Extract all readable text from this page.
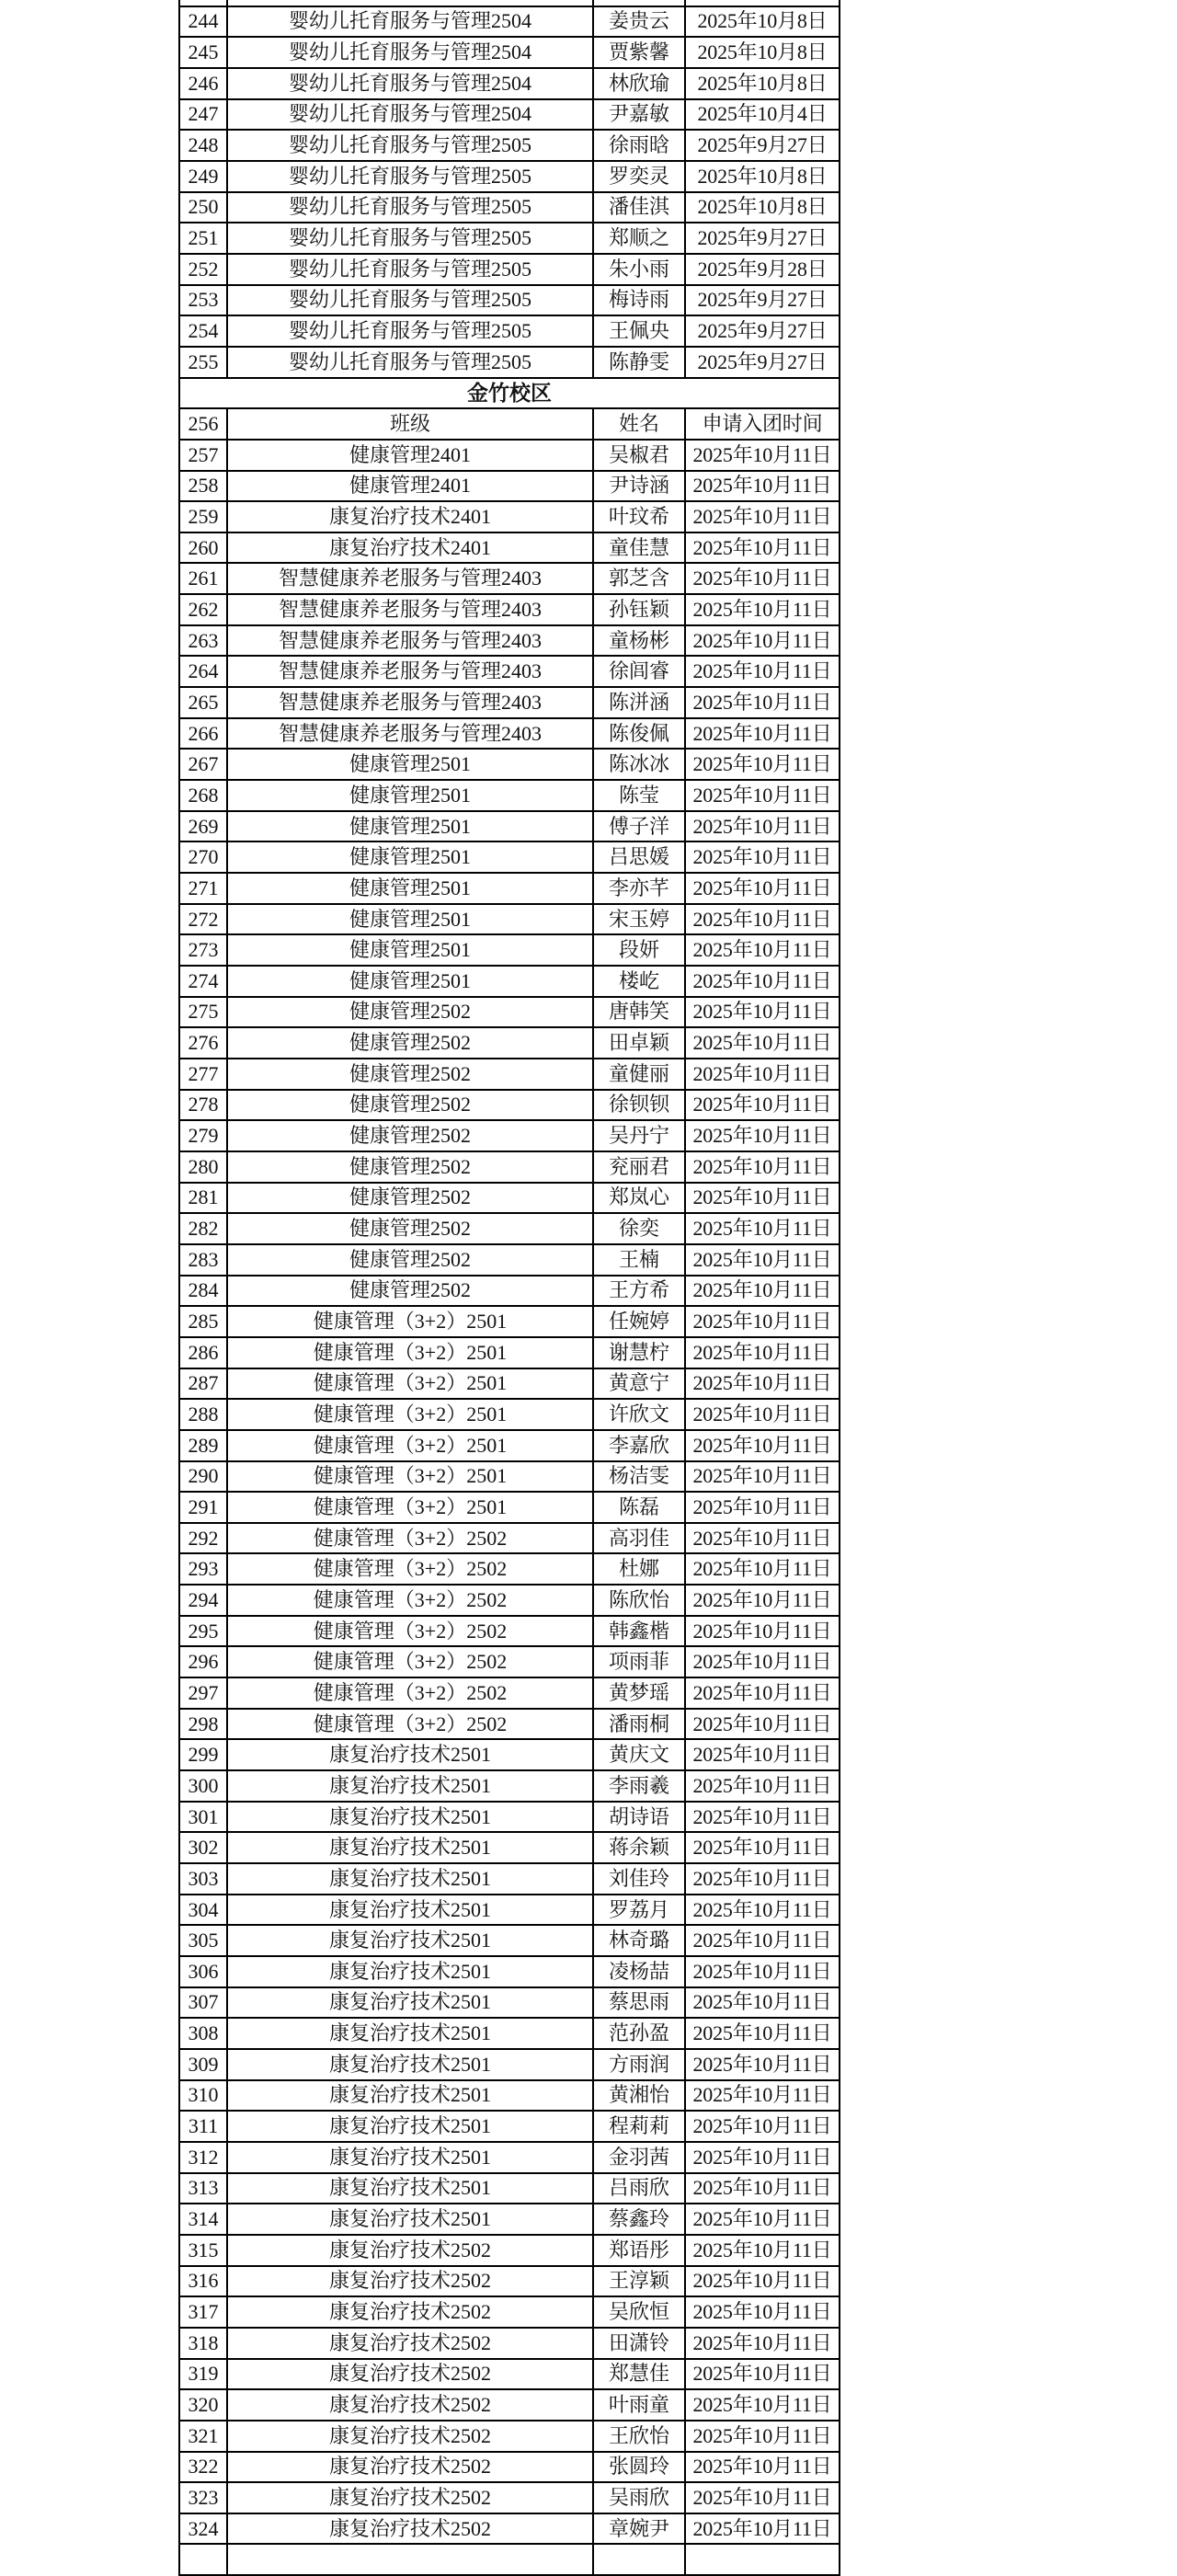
244	婴幼儿托育服务与管理2504	姜贵云	2025年10月8日
245	婴幼儿托育服务与管理2504	贾紫馨	2025年10月8日
246	婴幼儿托育服务与管理2504	林欣瑜	2025年10月8日
247	婴幼儿托育服务与管理2504	尹嘉敏	2025年10月4日
248	婴幼儿托育服务与管理2505	徐雨晗	2025年9月27日
249	婴幼儿托育服务与管理2505	罗奕灵	2025年10月8日
250	婴幼儿托育服务与管理2505	潘佳淇	2025年10月8日
251	婴幼儿托育服务与管理2505	郑顺之	2025年9月27日
252	婴幼儿托育服务与管理2505	朱小雨	2025年9月28日
253	婴幼儿托育服务与管理2505	梅诗雨	2025年9月27日
254	婴幼儿托育服务与管理2505	王佩央	2025年9月27日
255	婴幼儿托育服务与管理2505	陈静雯	2025年9月27日
金竹校区
256	班级	姓名	申请入团时间
257	健康管理2401	吴椒君	2025年10月11日
258	健康管理2401	尹诗涵	2025年10月11日
259	康复治疗技术2401	叶玟希	2025年10月11日
260	康复治疗技术2401	童佳慧	2025年10月11日
261	智慧健康养老服务与管理2403	郭芝含	2025年10月11日
262	智慧健康养老服务与管理2403	孙钰颖	2025年10月11日
263	智慧健康养老服务与管理2403	童杨彬	2025年10月11日
264	智慧健康养老服务与管理2403	徐闾睿	2025年10月11日
265	智慧健康养老服务与管理2403	陈洴涵	2025年10月11日
266	智慧健康养老服务与管理2403	陈俊佩	2025年10月11日
267	健康管理2501	陈冰冰	2025年10月11日
268	健康管理2501	陈莹	2025年10月11日
269	健康管理2501	傅子洋	2025年10月11日
270	健康管理2501	吕思媛	2025年10月11日
271	健康管理2501	李亦芊	2025年10月11日
272	健康管理2501	宋玉婷	2025年10月11日
273	健康管理2501	段妍	2025年10月11日
274	健康管理2501	楼屹	2025年10月11日
275	健康管理2502	唐韩笑	2025年10月11日
276	健康管理2502	田卓颖	2025年10月11日
277	健康管理2502	童健丽	2025年10月11日
278	健康管理2502	徐钡钡	2025年10月11日
279	健康管理2502	吴丹宁	2025年10月11日
280	健康管理2502	兖丽君	2025年10月11日
281	健康管理2502	郑岚心	2025年10月11日
282	健康管理2502	徐奕	2025年10月11日
283	健康管理2502	王楠	2025年10月11日
284	健康管理2502	王方希	2025年10月11日
285	健康管理（3+2）2501	任婉婷	2025年10月11日
286	健康管理（3+2）2501	谢慧柠	2025年10月11日
287	健康管理（3+2）2501	黄意宁	2025年10月11日
288	健康管理（3+2）2501	许欣文	2025年10月11日
289	健康管理（3+2）2501	李嘉欣	2025年10月11日
290	健康管理（3+2）2501	杨洁雯	2025年10月11日
291	健康管理（3+2）2501	陈磊	2025年10月11日
292	健康管理（3+2）2502	高羽佳	2025年10月11日
293	健康管理（3+2）2502	杜娜	2025年10月11日
294	健康管理（3+2）2502	陈欣怡	2025年10月11日
295	健康管理（3+2）2502	韩鑫楷	2025年10月11日
296	健康管理（3+2）2502	项雨菲	2025年10月11日
297	健康管理（3+2）2502	黄梦瑶	2025年10月11日
298	健康管理（3+2）2502	潘雨桐	2025年10月11日
299	康复治疗技术2501	黄庆文	2025年10月11日
300	康复治疗技术2501	李雨羲	2025年10月11日
301	康复治疗技术2501	胡诗语	2025年10月11日
302	康复治疗技术2501	蒋余颖	2025年10月11日
303	康复治疗技术2501	刘佳玲	2025年10月11日
304	康复治疗技术2501	罗荔月	2025年10月11日
305	康复治疗技术2501	林奇璐	2025年10月11日
306	康复治疗技术2501	凌杨喆	2025年10月11日
307	康复治疗技术2501	蔡思雨	2025年10月11日
308	康复治疗技术2501	范孙盈	2025年10月11日
309	康复治疗技术2501	方雨润	2025年10月11日
310	康复治疗技术2501	黄湘怡	2025年10月11日
311	康复治疗技术2501	程莉莉	2025年10月11日
312	康复治疗技术2501	金羽茜	2025年10月11日
313	康复治疗技术2501	吕雨欣	2025年10月11日
314	康复治疗技术2501	蔡鑫玲	2025年10月11日
315	康复治疗技术2502	郑语彤	2025年10月11日
316	康复治疗技术2502	王淳颖	2025年10月11日
317	康复治疗技术2502	吴欣恒	2025年10月11日
318	康复治疗技术2502	田潇铃	2025年10月11日
319	康复治疗技术2502	郑慧佳	2025年10月11日
320	康复治疗技术2502	叶雨童	2025年10月11日
321	康复治疗技术2502	王欣怡	2025年10月11日
322	康复治疗技术2502	张圆玲	2025年10月11日
323	康复治疗技术2502	吴雨欣	2025年10月11日
324	康复治疗技术2502	章婉尹	2025年10月11日
